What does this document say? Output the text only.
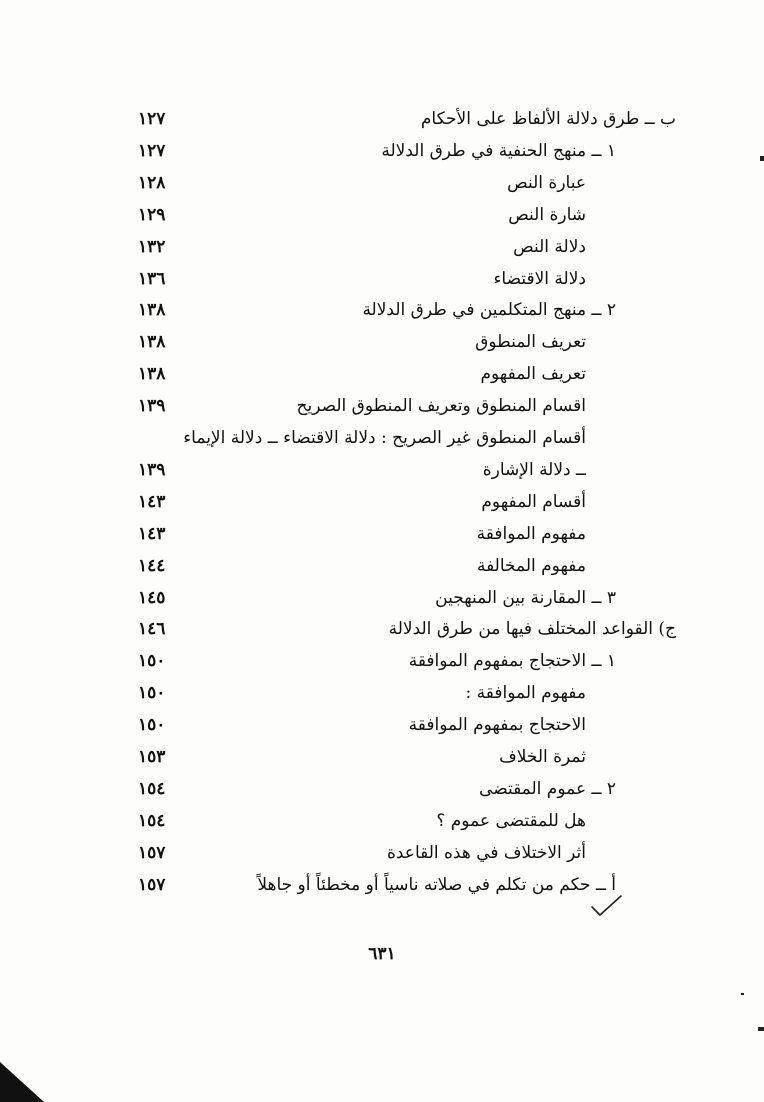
ب ــ طرق دلالة الألفاظ على الأحكام
١٢٧
١ ــ منهج الحنفية في طرق الدلالة
١٢٧
عبارة النص
١٢٨
شارة النص
١٢٩
دلالة النص
١٣٢
دلالة الاقتضاء
١٣٦
٢ ــ منهج المتكلمين في طرق الدلالة
١٣٨
تعريف المنطوق
١٣٨
تعريف المفهوم
١٣٨
اقسام المنطوق وتعريف المنطوق الصريح
١٣٩
أقسام المنطوق غير الصريح : دلالة الاقتضاء ــ دلالة الإيماء
ــ دلالة الإشارة
١٣٩
أقسام المفهوم
١٤٣
مفهوم الموافقة
١٤٣
مفهوم المخالفة
١٤٤
٣ ــ المقارنة بين المنهجين
١٤٥
ج) القواعد المختلف فيها من طرق الدلالة
١٤٦
١ ــ الاحتجاج بمفهوم الموافقة
١٥٠
مفهوم الموافقة :
١٥٠
الاحتجاج بمفهوم الموافقة
١٥٠
ثمرة الخلاف
١٥٣
٢ ــ عموم المقتضى
١٥٤
هل للمقتضى عموم ؟
١٥٤
أثر الاختلاف في هذه القاعدة
١٥٧
أ ــ حكم من تكلم في صلاته ناسياً أو مخطئاً أو جاهلاً
١٥٧
٦٣١
